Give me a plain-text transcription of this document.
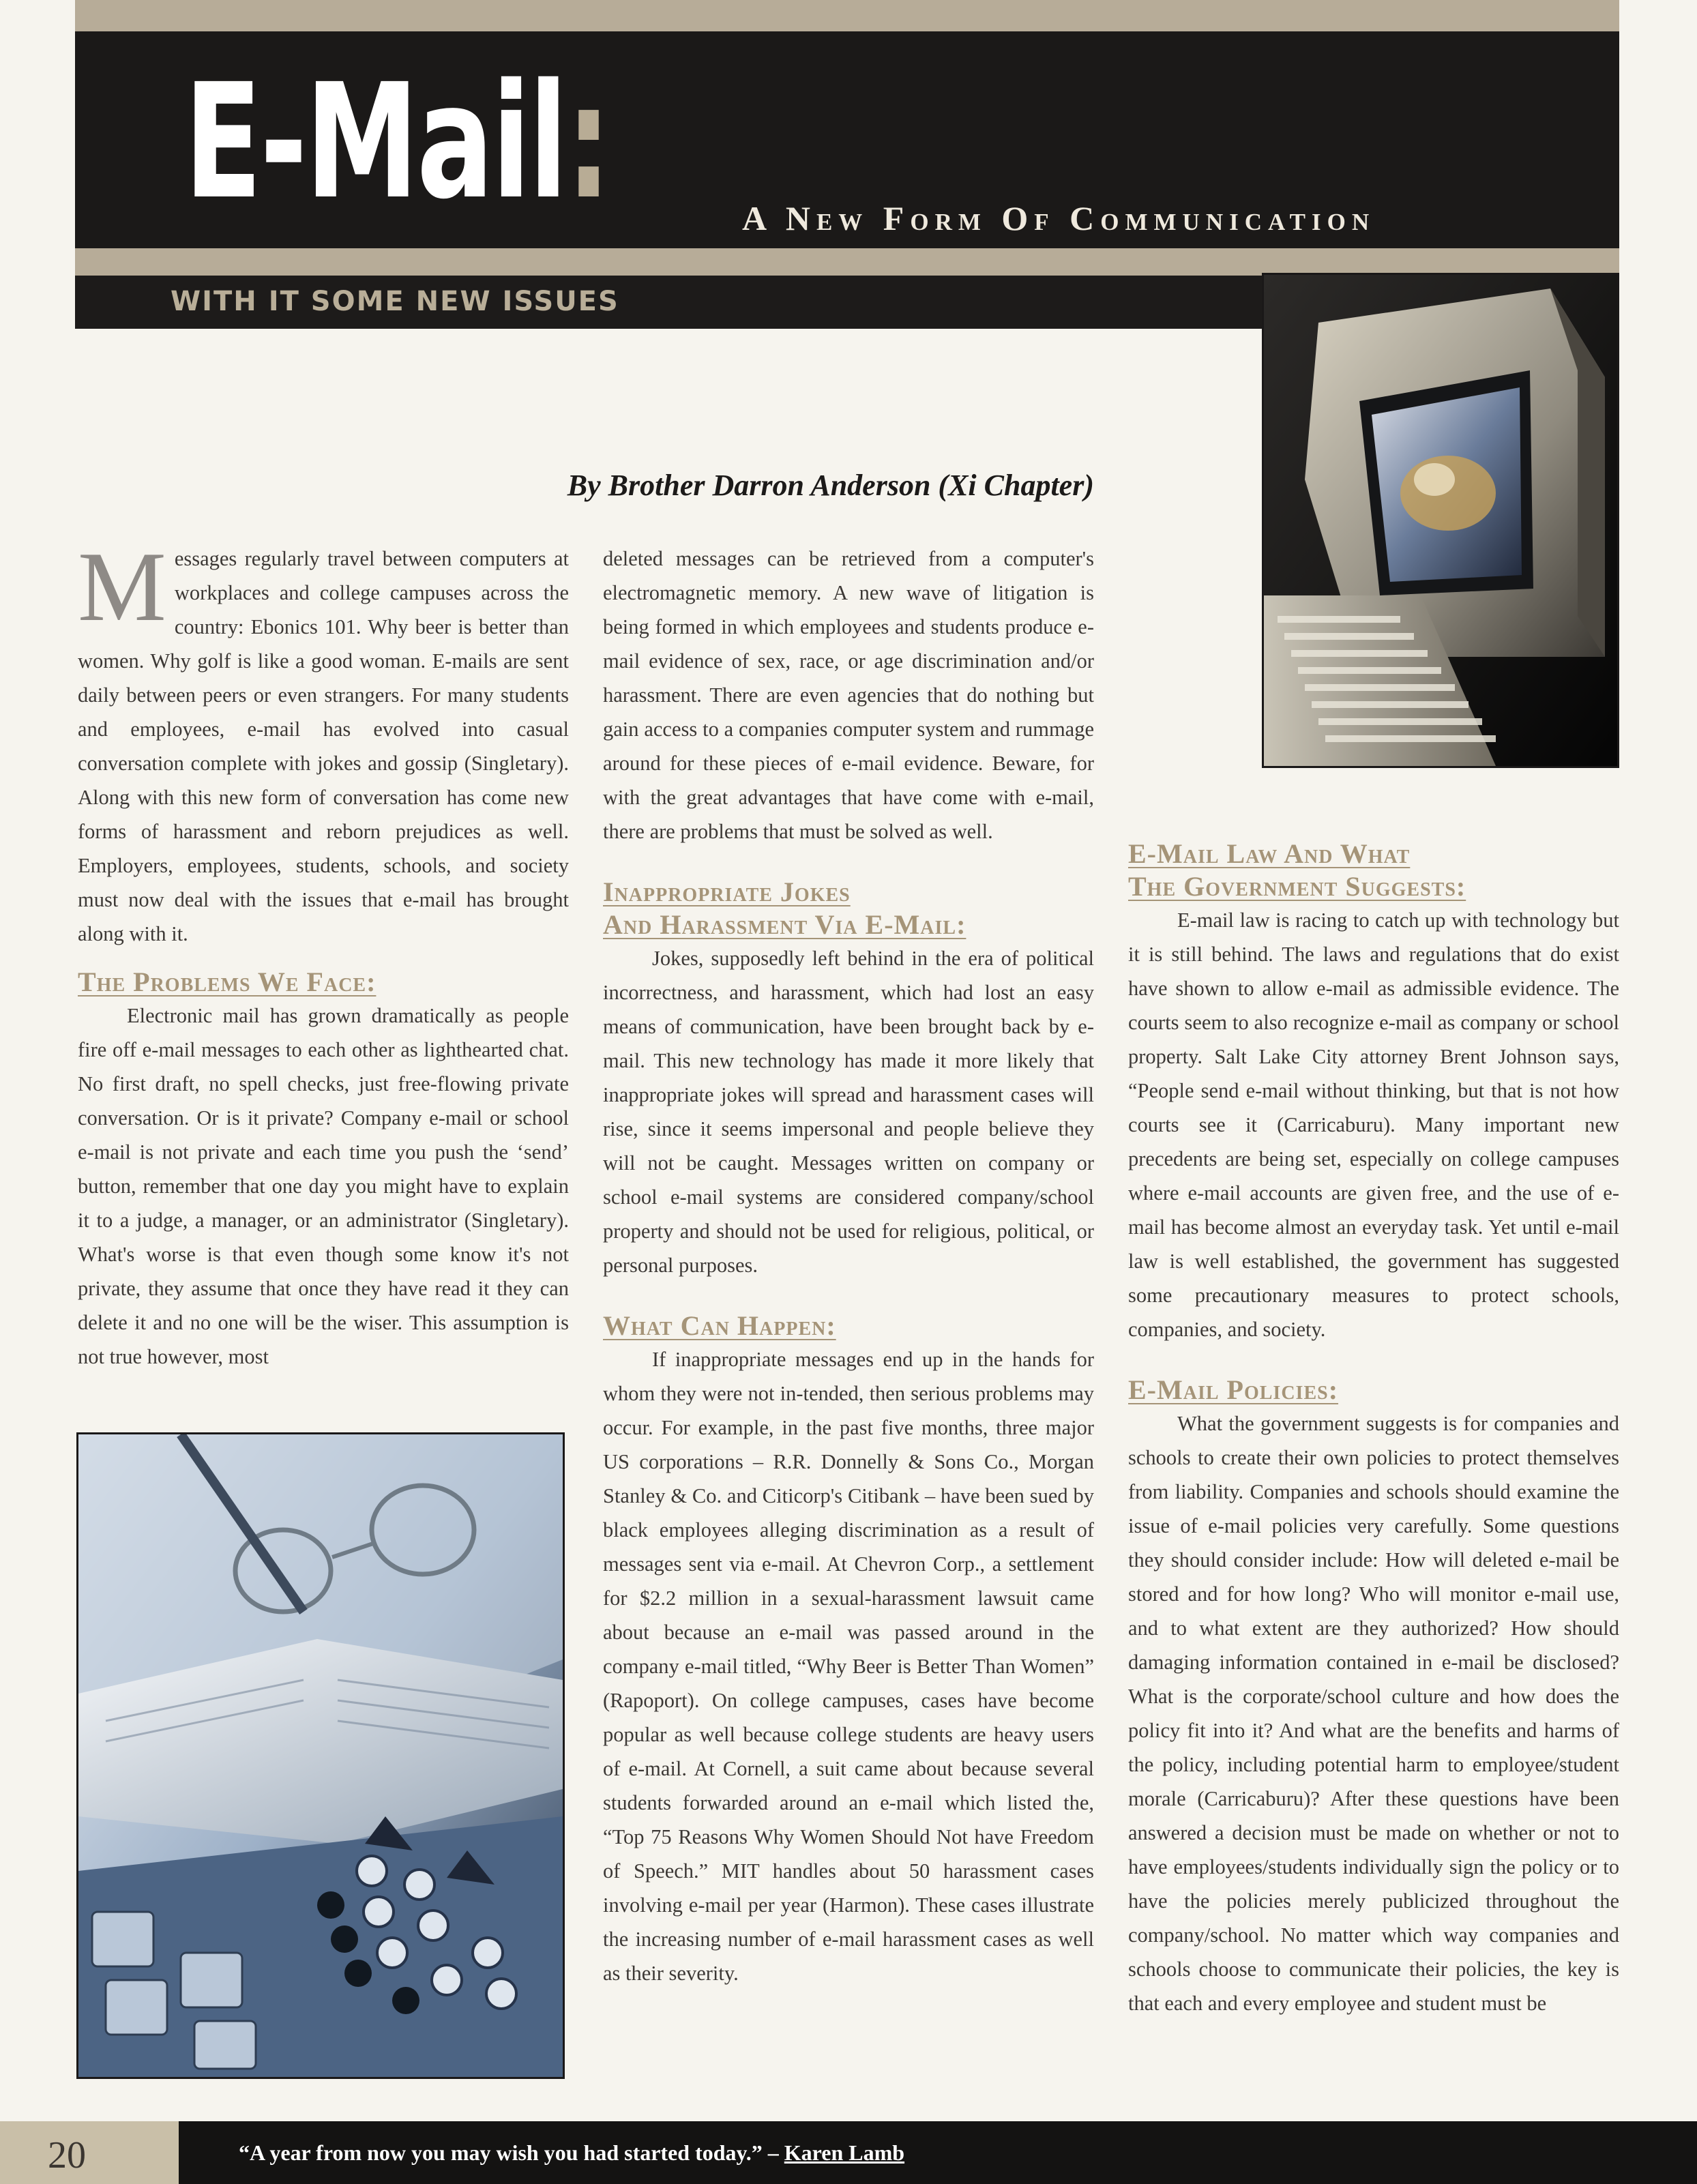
E-Mail:	A New Form Of Communication

WITH IT SOME NEW ISSUES

By Brother Darron Anderson (Xi Chapter)

Messages regularly travel between computers at workplaces and college campuses across the country: Ebonics 101. Why beer is better than women. Why golf is like a good woman. E-mails are sent daily between peers or even strangers. For many students and employees, e-mail has evolved into casual conversation complete with jokes and gossip (Singletary). Along with this new form of conversation has come new forms of harassment and reborn prejudices as well. Employers, employees, students, schools, and society must now deal with the issues that e-mail has brought along with it.

The Problems We Face:

Electronic mail has grown dramatically as people fire off e-mail messages to each other as lighthearted chat. No first draft, no spell checks, just free-flowing private conversation. Or is it private? Company e-mail or school e-mail is not private and each time you push the ‘send’ button, remember that one day you might have to explain it to a judge, a manager, or an administrator (Singletary). What's worse is that even though some know it's not private, they assume that once they have read it they can delete it and no one will be the wiser. This assumption is not true however, most

deleted messages can be retrieved from a computer's electromagnetic memory. A new wave of litigation is being formed in which employees and students produce e-mail evidence of sex, race, or age discrimination and/or harassment. There are even agencies that do nothing but gain access to a companies computer system and rummage around for these pieces of e-mail evidence. Beware, for with the great advantages that have come with e-mail, there are problems that must be solved as well.

Inappropriate Jokes
And Harassment Via E-Mail:

Jokes, supposedly left behind in the era of political incorrectness, and harassment, which had lost an easy means of communication, have been brought back by e-mail. This new technology has made it more likely that inappropriate jokes will spread and harassment cases will rise, since it seems impersonal and people believe they will not be caught. Messages written on company or school e-mail systems are considered company/school property and should not be used for religious, political, or personal purposes.

What Can Happen:

If inappropriate messages end up in the hands for whom they were not in-tended, then serious problems may occur. For example, in the past five months, three major US corporations – R.R. Donnelly & Sons Co., Morgan Stanley & Co. and Citicorp's Citibank – have been sued by black employees alleging discrimination as a result of messages sent via e-mail. At Chevron Corp., a settlement for $2.2 million in a sexual-harassment lawsuit came about because an e-mail was passed around in the company e-mail titled, “Why Beer is Better Than Women” (Rapoport). On college campuses, cases have become popular as well because college students are heavy users of e-mail. At Cornell, a suit came about because several students forwarded around an e-mail which listed the, “Top 75 Reasons Why Women Should Not have Freedom of Speech.” MIT handles about 50 harassment cases involving e-mail per year (Harmon). These cases illustrate the increasing number of e-mail harassment cases as well as their severity.

E-Mail Law And What
The Government Suggests:

E-mail law is racing to catch up with technology but it is still behind. The laws and regulations that do exist have shown to allow e-mail as admissible evidence. The courts seem to also recognize e-mail as company or school property. Salt Lake City attorney Brent Johnson says, “People send e-mail without thinking, but that is not how courts see it (Carricaburu). Many important new precedents are being set, especially on college campuses where e-mail accounts are given free, and the use of e-mail has become almost an everyday task. Yet until e-mail law is well established, the government has suggested some precautionary measures to protect schools, companies, and society.

E-Mail Policies:

What the government suggests is for companies and schools to create their own policies to protect themselves from liability. Companies and schools should examine the issue of e-mail policies very carefully. Some questions they should consider include: How will deleted e-mail be stored and for how long? Who will monitor e-mail use, and to what extent are they authorized? How should damaging information contained in e-mail be disclosed? What is the corporate/school culture and how does the policy fit into it? And what are the benefits and harms of the policy, including potential harm to employee/student morale (Carricaburu)? After these questions have been answered a decision must be made on whether or not to have employees/students individually sign the policy or to have the policies merely publicized throughout the company/school. No matter which way companies and schools choose to communicate their policies, the key is that each and every employee and student must be

20	“A year from now you may wish you had started today.” – Karen Lamb
